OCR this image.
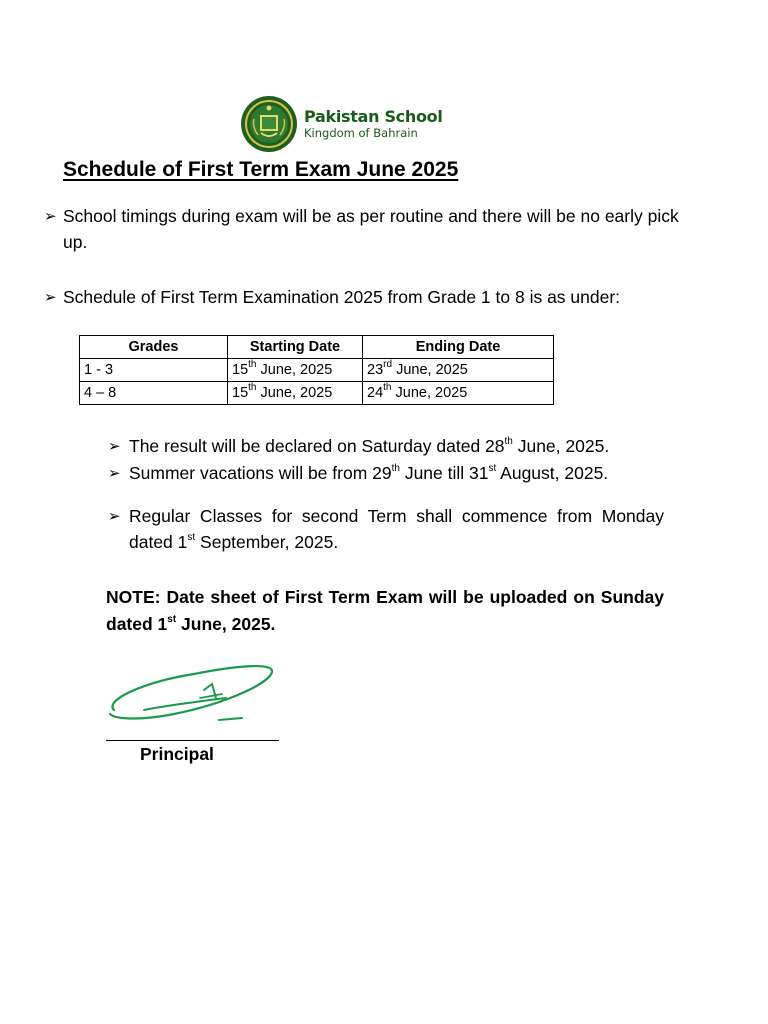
Pakistan School
Kingdom of Bahrain
Schedule of First Term Exam June 2025
➢ School timings during exam will be as per routine and there will be no early pick up.
➢ Schedule of First Term Examination 2025 from Grade 1 to 8 is as under:
Grades	Starting Date	Ending Date
1 - 3	15th June, 2025	23rd June, 2025
4 – 8	15th June, 2025	24th June, 2025
➢ The result will be declared on Saturday dated 28th June, 2025.
➢ Summer vacations will be from 29th June till 31st August, 2025.
➢ Regular Classes for second Term shall commence from Monday dated 1st September, 2025.
NOTE: Date sheet of First Term Exam will be uploaded on Sunday dated 1st June, 2025.
Principal
